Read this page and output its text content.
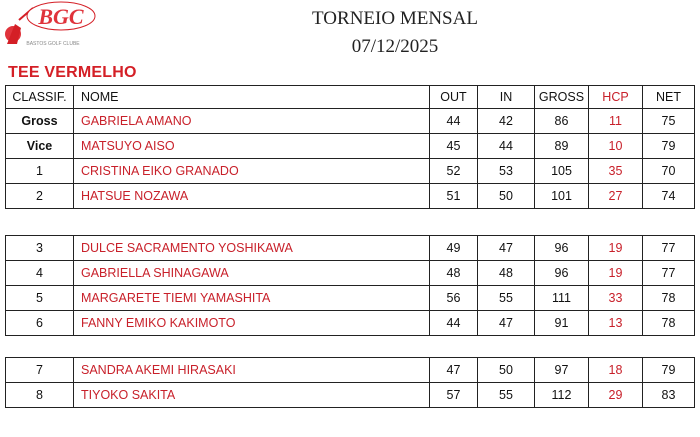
BGC
BASTOS GOLF CLUBE
TORNEIO MENSAL
07/12/2025
TEE VERMELHO
CLASSIF.	NOME	OUT	IN	GROSS	HCP	NET
Gross	GABRIELA AMANO	44	42	86	11	75
Vice	MATSUYO AISO	45	44	89	10	79
1	CRISTINA EIKO GRANADO	52	53	105	35	70
2	HATSUE NOZAWA	51	50	101	27	74
3	DULCE SACRAMENTO YOSHIKAWA	49	47	96	19	77
4	GABRIELLA SHINAGAWA	48	48	96	19	77
5	MARGARETE TIEMI YAMASHITA	56	55	111	33	78
6	FANNY EMIKO KAKIMOTO	44	47	91	13	78
7	SANDRA AKEMI HIRASAKI	47	50	97	18	79
8	TIYOKO SAKITA	57	55	112	29	83
